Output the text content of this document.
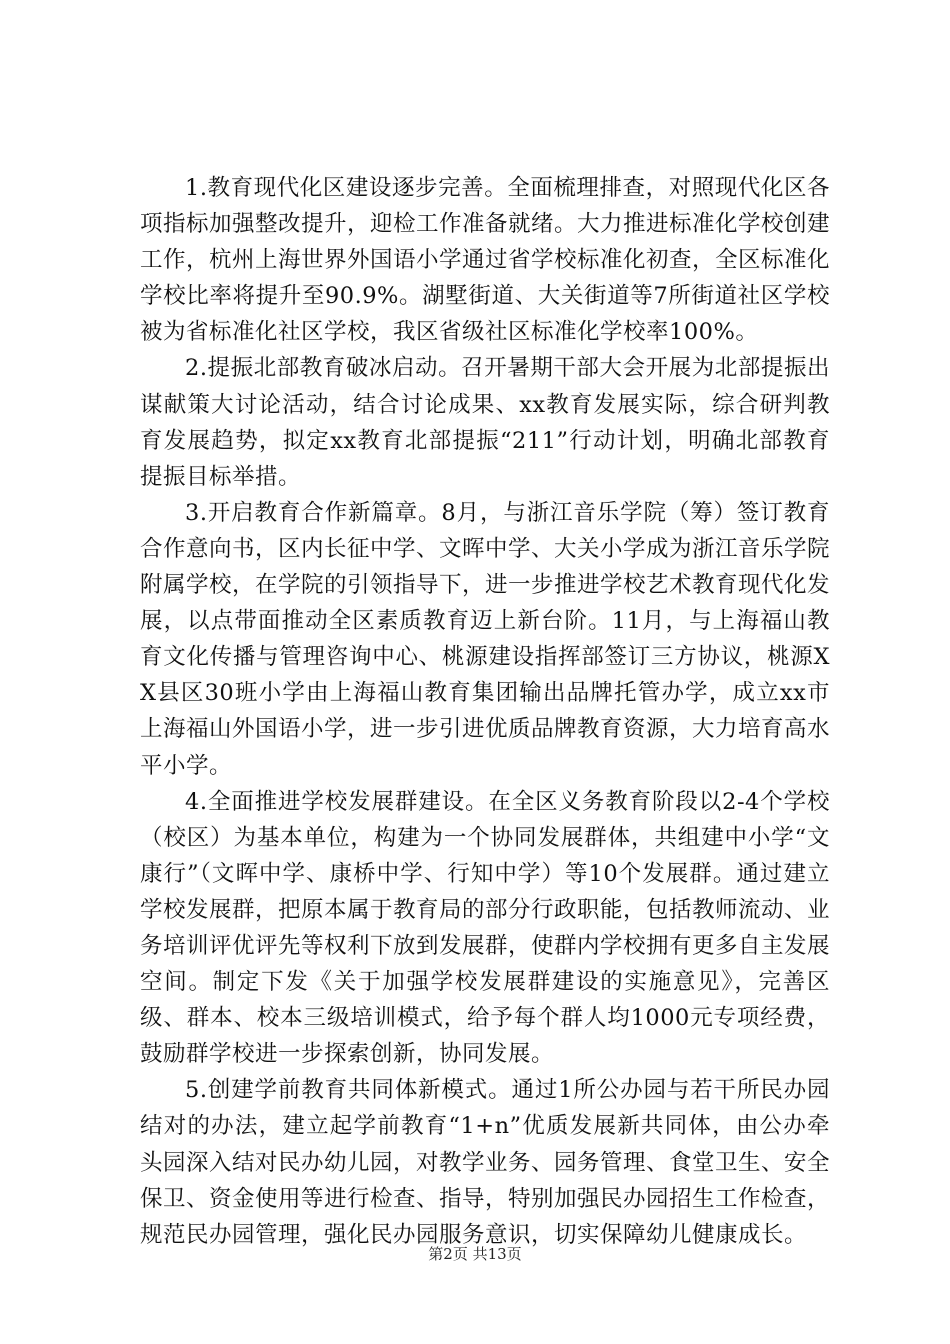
1.教育现代化区建设逐步完善。全面梳理排查，对照现代化区各项指标加强整改提升，迎检工作准备就绪。大力推进标准化学校创建工作，杭州上海世界外国语小学通过省学校标准化初查，全区标准化学校比率将提升至90.9%。湖墅街道、大关街道等7所街道社区学校被为省标准化社区学校，我区省级社区标准化学校率100%。

2.提振北部教育破冰启动。召开暑期干部大会开展为北部提振出谋献策大讨论活动，结合讨论成果、xx教育发展实际，综合研判教育发展趋势，拟定xx教育北部提振“211”行动计划，明确北部教育提振目标举措。

3.开启教育合作新篇章。8月，与浙江音乐学院（筹）签订教育合作意向书，区内长征中学、文晖中学、大关小学成为浙江音乐学院附属学校，在学院的引领指导下，进一步推进学校艺术教育现代化发展，以点带面推动全区素质教育迈上新台阶。11月，与上海福山教育文化传播与管理咨询中心、桃源建设指挥部签订三方协议，桃源XX县区30班小学由上海福山教育集团输出品牌托管办学，成立xx市上海福山外国语小学，进一步引进优质品牌教育资源，大力培育高水平小学。

4.全面推进学校发展群建设。在全区义务教育阶段以2-4个学校（校区）为基本单位，构建为一个协同发展群体，共组建中小学“文康行”（文晖中学、康桥中学、行知中学）等10个发展群。通过建立学校发展群，把原本属于教育局的部分行政职能，包括教师流动、业务培训评优评先等权利下放到发展群，使群内学校拥有更多自主发展空间。制定下发《关于加强学校发展群建设的实施意见》，完善区级、群本、校本三级培训模式，给予每个群人均1000元专项经费，鼓励群学校进一步探索创新，协同发展。

5.创建学前教育共同体新模式。通过1所公办园与若干所民办园结对的办法，建立起学前教育“1+n”优质发展新共同体，由公办牵头园深入结对民办幼儿园，对教学业务、园务管理、食堂卫生、安全保卫、资金使用等进行检查、指导，特别加强民办园招生工作检查，规范民办园管理，强化民办园服务意识，切实保障幼儿健康成长。

第2页 共13页
